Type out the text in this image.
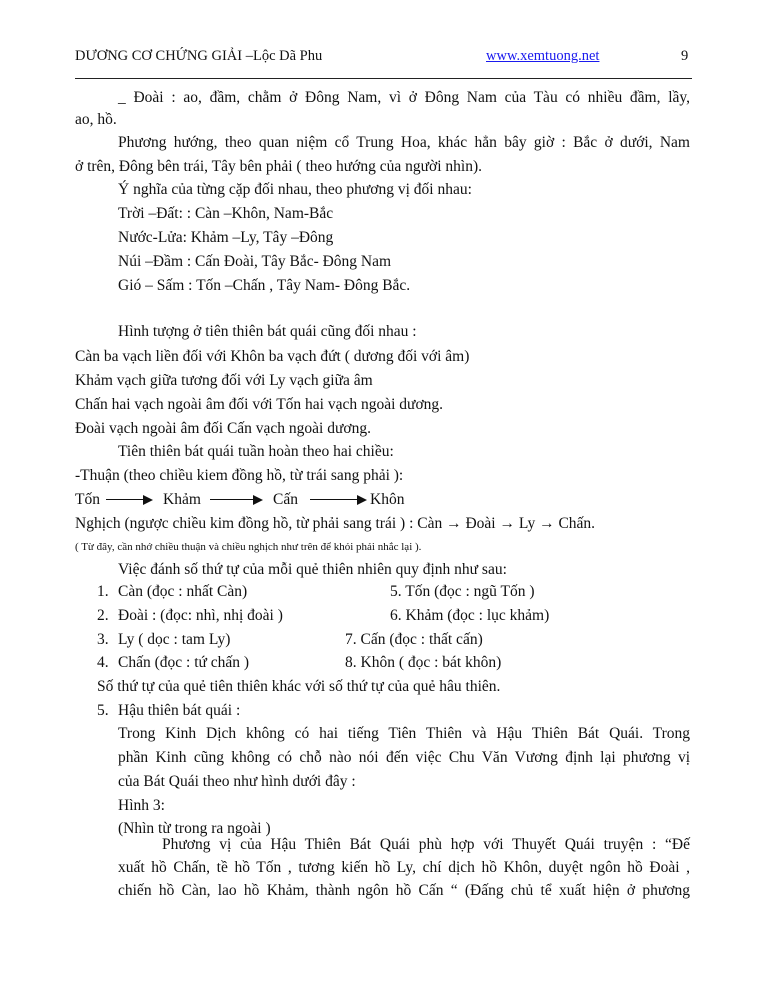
DƯƠNG CƠ CHỨNG GIẢI –Lộc Dã Phu	www.xemtuong.net	9
_ Đoài : ao, đầm, chằm ở Đông Nam, vì ở Đông Nam của Tàu có nhiều đầm, lầy,
ao, hồ.
Phương hướng, theo quan niệm cổ Trung Hoa, khác hẳn bây giờ : Bắc ở dưới, Nam
ở trên, Đông bên trái, Tây bên phải ( theo hướng của người nhìn).
Ý nghĩa của từng cặp đối nhau, theo phương vị đối nhau:
Trời –Đất: : Càn –Khôn, Nam-Bắc
Nước-Lửa: Khảm –Ly, Tây –Đông
Núi –Đầm : Cấn Đoài, Tây Bắc- Đông Nam
Gió – Sấm : Tốn –Chấn , Tây Nam- Đông Bắc.
Hình tượng ở tiên thiên bát quái cũng đối nhau :
Càn ba vạch liền đối với Khôn ba vạch đứt ( dương đối với âm)
Khảm vạch giữa tương đối với Ly vạch giữa âm
Chấn hai vạch ngoài âm đối với Tốn hai vạch ngoài dương.
Đoài vạch ngoài âm đối Cấn vạch ngoài dương.
Tiên thiên bát quái tuần hoàn theo hai chiều:
-Thuận (theo chiều kiem đồng hồ, từ trái sang phải ):
Tốn	Khảm	Cấn	Khôn
Nghịch (ngược chiều kim đồng hồ, từ phải sang trái ) : Càn → Đoài → Ly → Chấn.
( Từ đây, cần nhớ chiều thuận và chiều nghịch như trên để khỏi phải nhắc lại ).
Việc đánh số thứ tự của mỗi quẻ thiên nhiên quy định như sau:
1. Càn (đọc : nhất Càn)	5. Tốn (đọc : ngũ Tốn )
2. Đoài : (đọc: nhì, nhị đoài )	6. Khảm (đọc : lục khảm)
3. Ly ( dọc : tam Ly)	7. Cấn (đọc : thất cấn)
4. Chấn (đọc : tứ chấn )	8. Khôn ( đọc : bát khôn)
Số thứ tự của quẻ tiên thiên khác với số thứ tự của quẻ hâu thiên.
5. Hậu thiên bát quái :
Trong Kinh Dịch không có hai tiếng Tiên Thiên và Hậu Thiên Bát Quái. Trong
phần Kinh cũng không có chỗ nào nói đến việc Chu Văn Vương định lại phương vị
của Bát Quái theo như hình dưới đây :
Hình 3:
(Nhìn từ trong ra ngoài )
Phương vị của Hậu Thiên Bát Quái phù hợp với Thuyết Quái truyện : “Đế
xuất hồ Chấn, tề hồ Tốn , tương kiến hồ Ly, chí dịch hồ Khôn, duyệt ngôn hồ Đoài ,
chiến hồ Càn, lao hồ Khảm, thành ngôn hồ Cấn “ (Đấng chủ tể xuất hiện ở phương
